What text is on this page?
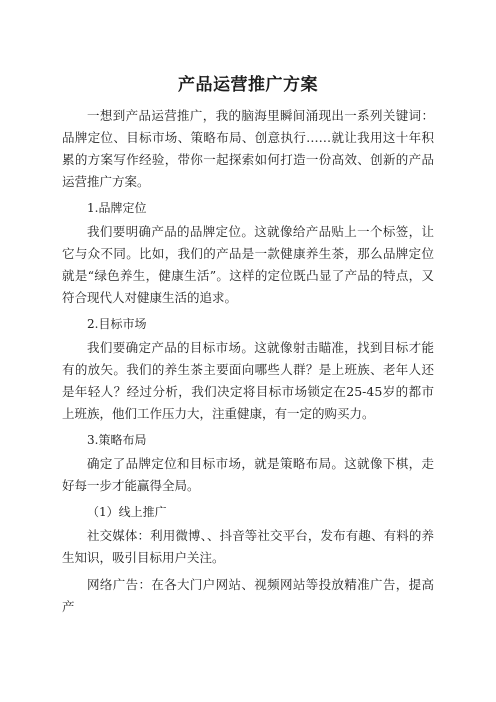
产品运营推广方案

一想到产品运营推广，我的脑海里瞬间涌现出一系列关键词：品牌定位、目标市场、策略布局、创意执行……就让我用这十年积累的方案写作经验，带你一起探索如何打造一份高效、创新的产品运营推广方案。

1.品牌定位

我们要明确产品的品牌定位。这就像给产品贴上一个标签，让它与众不同。比如，我们的产品是一款健康养生茶，那么品牌定位就是“绿色养生，健康生活”。这样的定位既凸显了产品的特点，又符合现代人对健康生活的追求。

2.目标市场

我们要确定产品的目标市场。这就像射击瞄准，找到目标才能有的放矢。我们的养生茶主要面向哪些人群？是上班族、老年人还是年轻人？经过分析，我们决定将目标市场锁定在25-45岁的都市上班族，他们工作压力大，注重健康，有一定的购买力。

3.策略布局

确定了品牌定位和目标市场，就是策略布局。这就像下棋，走好每一步才能赢得全局。

（1）线上推广

社交媒体：利用微博、、抖音等社交平台，发布有趣、有料的养生知识，吸引目标用户关注。

网络广告：在各大门户网站、视频网站等投放精准广告，提高产
